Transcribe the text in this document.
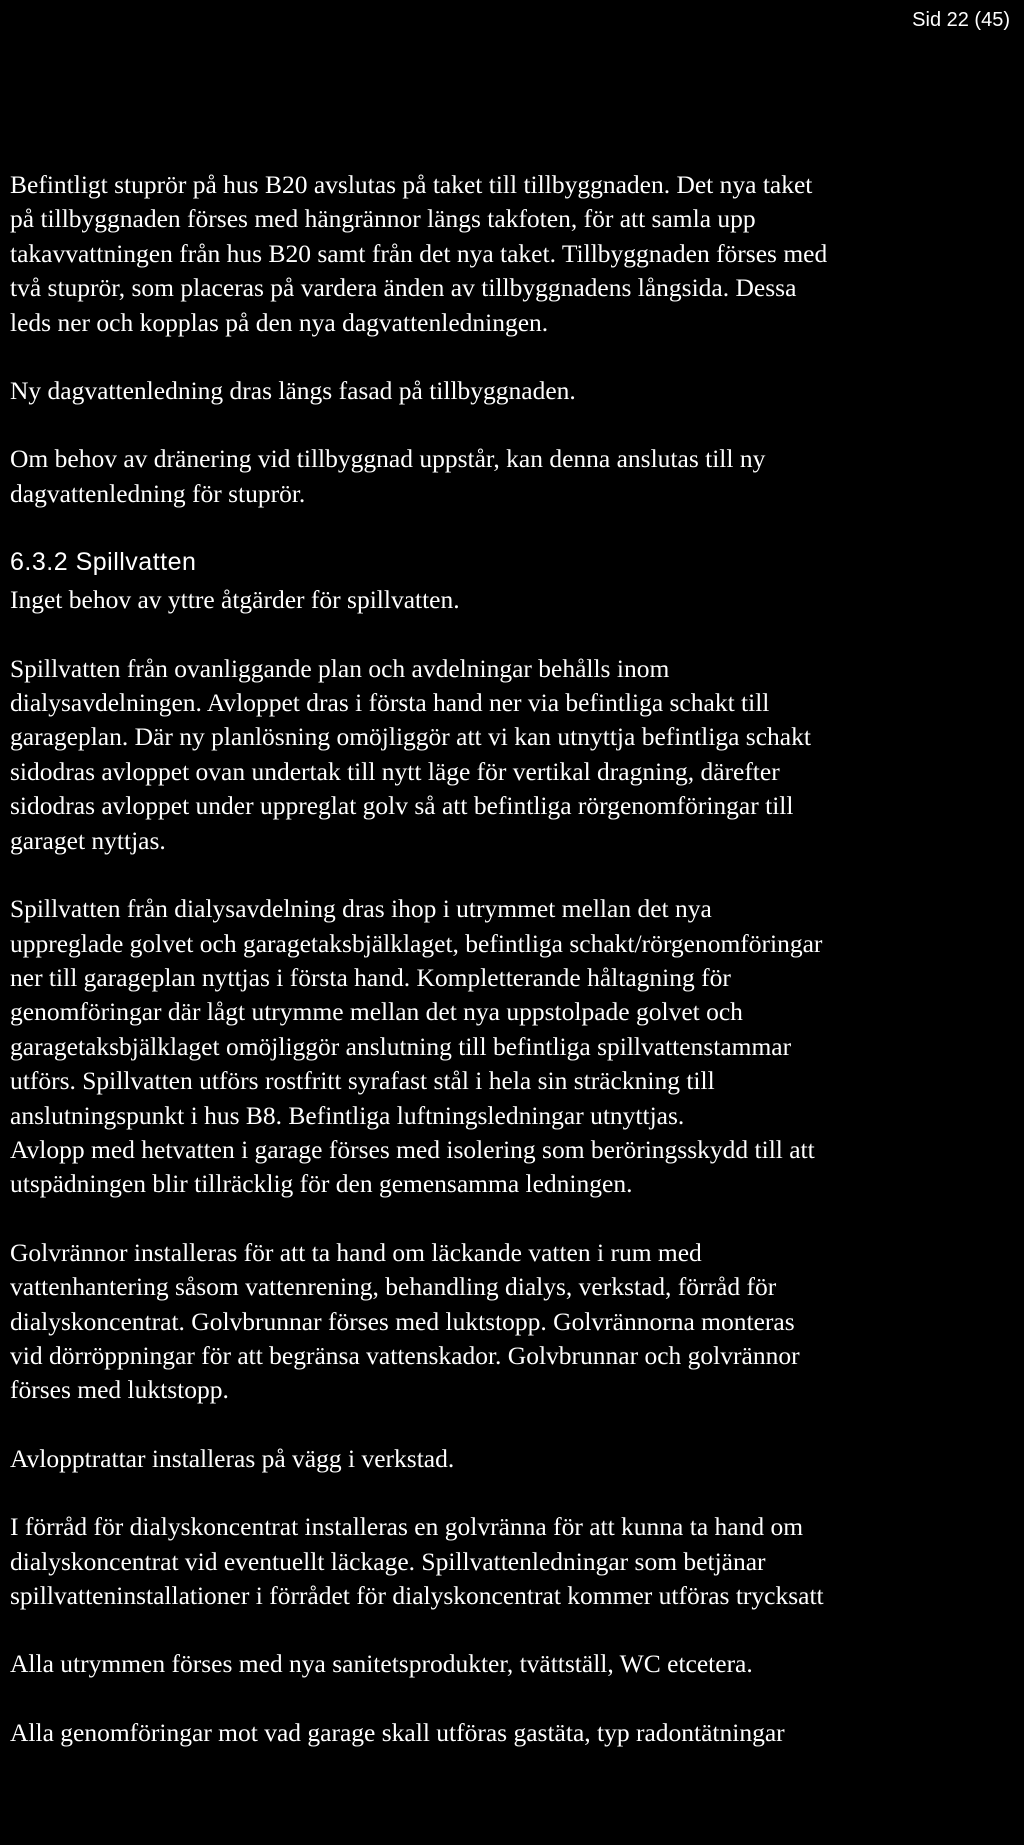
Sid 22 (45)

Befintligt stuprör på hus B20 avslutas på taket till tillbyggnaden. Det nya taket
på tillbyggnaden förses med hängrännor längs takfoten, för att samla upp
takavvattningen från hus B20 samt från det nya taket. Tillbyggnaden förses med
två stuprör, som placeras på vardera änden av tillbyggnadens långsida. Dessa
leds ner och kopplas på den nya dagvattenledningen.

Ny dagvattenledning dras längs fasad på tillbyggnaden.

Om behov av dränering vid tillbyggnad uppstår, kan denna anslutas till ny
dagvattenledning för stuprör.

6.3.2 Spillvatten

Inget behov av yttre åtgärder för spillvatten.

Spillvatten från ovanliggande plan och avdelningar behålls inom
dialysavdelningen. Avloppet dras i första hand ner via befintliga schakt till
garageplan. Där ny planlösning omöjliggör att vi kan utnyttja befintliga schakt
sidodras avloppet ovan undertak till nytt läge för vertikal dragning, därefter
sidodras avloppet under uppreglat golv så att befintliga rörgenomföringar till
garaget nyttjas.

Spillvatten från dialysavdelning dras ihop i utrymmet mellan det nya
uppreglade golvet och garagetaksbjälklaget, befintliga schakt/rörgenomföringar
ner till garageplan nyttjas i första hand. Kompletterande håltagning för
genomföringar där lågt utrymme mellan det nya uppstolpade golvet och
garagetaksbjälklaget omöjliggör anslutning till befintliga spillvattenstammar
utförs. Spillvatten utförs rostfritt syrafast stål i hela sin sträckning till
anslutningspunkt i hus B8. Befintliga luftningsledningar utnyttjas.
Avlopp med hetvatten i garage förses med isolering som beröringsskydd till att
utspädningen blir tillräcklig för den gemensamma ledningen.

Golvrännor installeras för att ta hand om läckande vatten i rum med
vattenhantering såsom vattenrening, behandling dialys, verkstad, förråd för
dialyskoncentrat. Golvbrunnar förses med luktstopp. Golvrännorna monteras
vid dörröppningar för att begränsa vattenskador. Golvbrunnar och golvrännor
förses med luktstopp.

Avlopptrattar installeras på vägg i verkstad.

I förråd för dialyskoncentrat installeras en golvränna för att kunna ta hand om
dialyskoncentrat vid eventuellt läckage. Spillvattenledningar som betjänar
spillvatteninstallationer i förrådet för dialyskoncentrat kommer utföras trycksatt

Alla utrymmen förses med nya sanitetsprodukter, tvättställ, WC etcetera.

Alla genomföringar mot vad garage skall utföras gastäta, typ radontätningar
